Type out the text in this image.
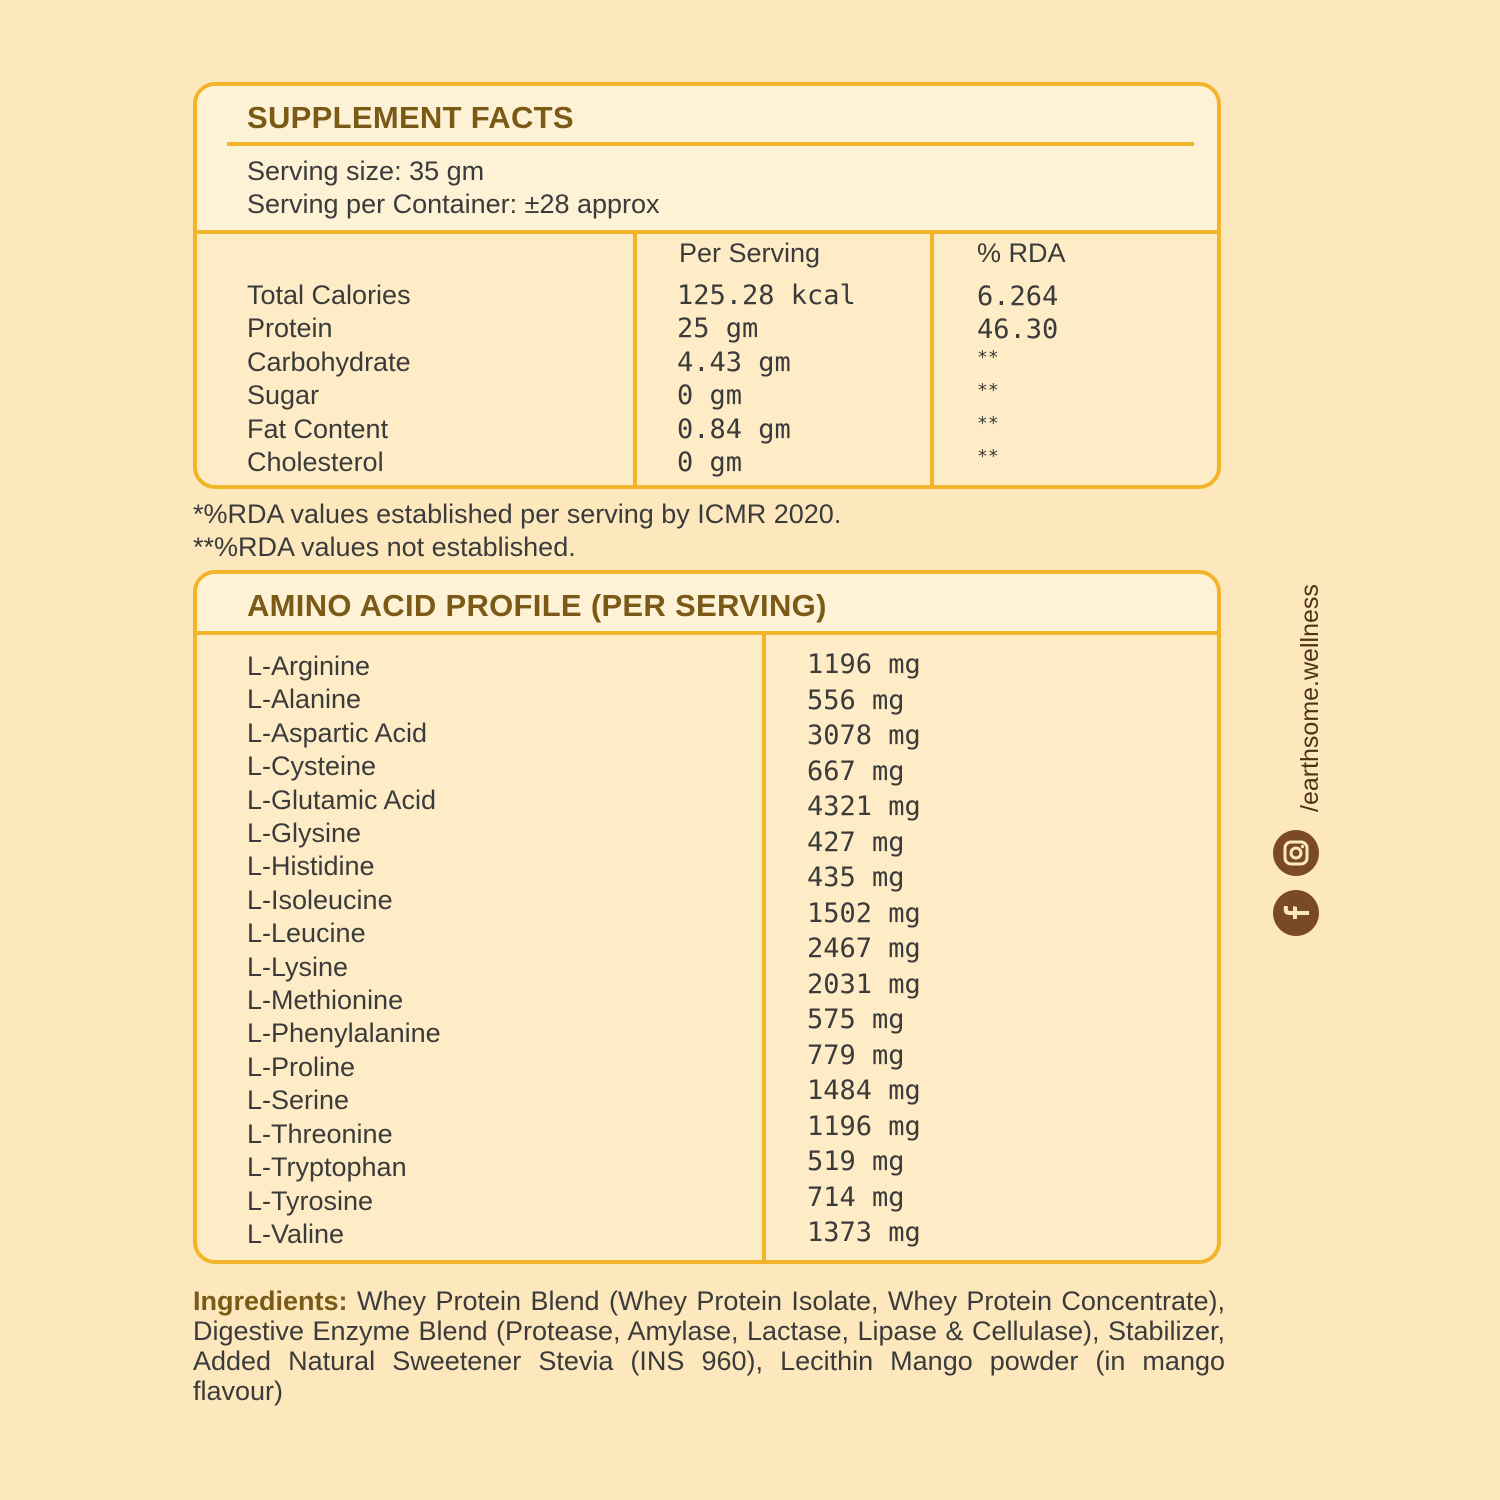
SUPPLEMENT FACTS
Serving size: 35 gm
Serving per Container: ±28 approx
Per Serving	% RDA
Total Calories
Protein
Carbohydrate
Sugar
Fat Content
Cholesterol
125.28 kcal
25 gm
4.43 gm
0 gm
0.84 gm
0 gm
6.264
46.30
**
**
**
**
*%RDA values established per serving by ICMR 2020.
**%RDA values not established.
AMINO ACID PROFILE (PER SERVING)
L-Arginine
L-Alanine
L-Aspartic Acid
L-Cysteine
L-Glutamic Acid
L-Glysine
L-Histidine
L-Isoleucine
L-Leucine
L-Lysine
L-Methionine
L-Phenylalanine
L-Proline
L-Serine
L-Threonine
L-Tryptophan
L-Tyrosine
L-Valine
1196 mg
556 mg
3078 mg
667 mg
4321 mg
427 mg
435 mg
1502 mg
2467 mg
2031 mg
575 mg
779 mg
1484 mg
1196 mg
519 mg
714 mg
1373 mg
Ingredients: Whey Protein Blend (Whey Protein Isolate, Whey Protein Concentrate), Digestive Enzyme Blend (Protease, Amylase, Lactase, Lipase & Cellulase), Stabilizer, Added Natural Sweetener Stevia (INS 960), Lecithin Mango powder (in mango flavour)
/earthsome.wellness
